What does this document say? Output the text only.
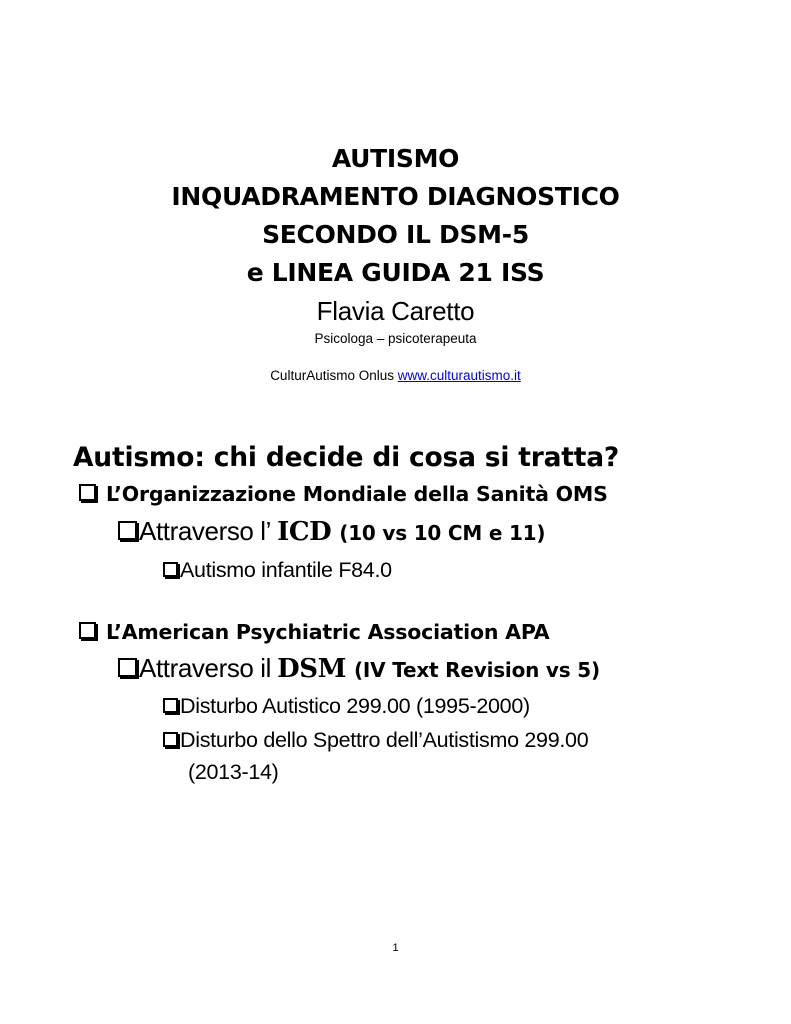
AUTISMO

INQUADRAMENTO DIAGNOSTICO

SECONDO IL DSM-5

e LINEA GUIDA 21 ISS

Flavia Caretto
Psicologa – psicoterapeuta
CulturAutismo Onlus www.culturautismo.it
Autismo: chi decide di cosa si tratta?
L’Organizzazione Mondiale della Sanità OMS
Attraverso l’ ICD (10 vs 10 CM e 11)
Autismo infantile F84.0
L’American Psychiatric Association APA
Attraverso il DSM (IV Text Revision vs 5)
Disturbo Autistico 299.00 (1995-2000)
Disturbo dello Spettro dell’Autistismo 299.00
(2013-14)
1
